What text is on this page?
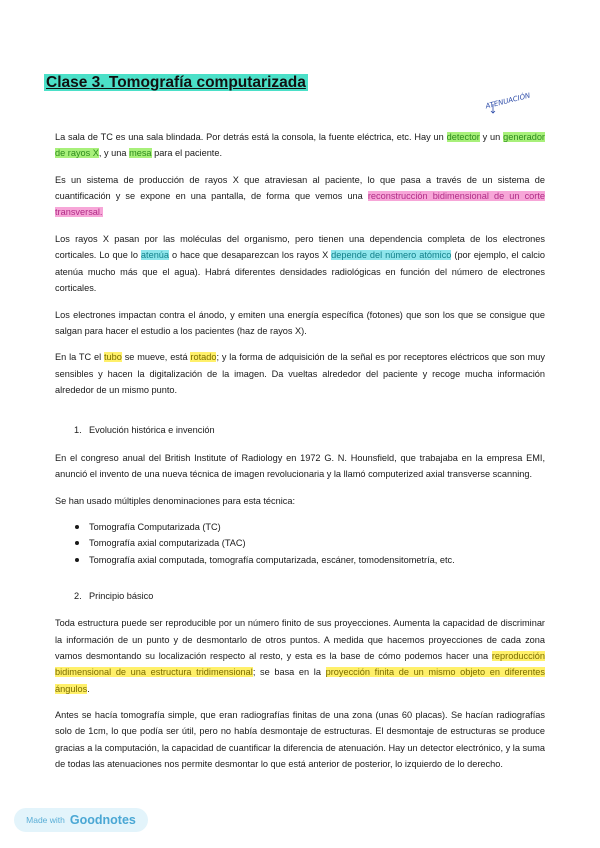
Clase 3. Tomografía computarizada
ATENUACIÓN

La sala de TC es una sala blindada. Por detrás está la consola, la fuente eléctrica, etc. Hay un detector y un generador de rayos X, y una mesa para el paciente.

Es un sistema de producción de rayos X que atraviesan al paciente, lo que pasa a través de un sistema de cuantificación y se expone en una pantalla, de forma que vemos una reconstrucción bidimensional de un corte transversal.

Los rayos X pasan por las moléculas del organismo, pero tienen una dependencia completa de los electrones corticales. Lo que lo atenúa o hace que desaparezcan los rayos X depende del número atómico (por ejemplo, el calcio atenúa mucho más que el agua). Habrá diferentes densidades radiológicas en función del número de electrones corticales.

Los electrones impactan contra el ánodo, y emiten una energía específica (fotones) que son los que se consigue que salgan para hacer el estudio a los pacientes (haz de rayos X).

En la TC el tubo se mueve, está rotado; y la forma de adquisición de la señal es por receptores eléctricos que son muy sensibles y hacen la digitalización de la imagen. Da vueltas alrededor del paciente y recoge mucha información alrededor de un mismo punto.

1. Evolución histórica e invención

En el congreso anual del British Institute of Radiology en 1972 G. N. Hounsfield, que trabajaba en la empresa EMI, anunció el invento de una nueva técnica de imagen revolucionaria y la llamó computerized axial transverse scanning.

Se han usado múltiples denominaciones para esta técnica:

Tomografía Computarizada (TC)
Tomografía axial computarizada (TAC)
Tomografía axial computada, tomografía computarizada, escáner, tomodensitometría, etc.
2. Principio básico

Toda estructura puede ser reproducible por un número finito de sus proyecciones. Aumenta la capacidad de discriminar la información de un punto y de desmontarlo de otros puntos. A medida que hacemos proyecciones de cada zona vamos desmontando su localización respecto al resto, y esta es la base de cómo podemos hacer una reproducción bidimensional de una estructura tridimensional; se basa en la proyección finita de un mismo objeto en diferentes ángulos.

Antes se hacía tomografía simple, que eran radiografías finitas de una zona (unas 60 placas). Se hacían radiografías solo de 1cm, lo que podía ser útil, pero no había desmontaje de estructuras. El desmontaje de estructuras se produce gracias a la computación, la capacidad de cuantificar la diferencia de atenuación. Hay un detector electrónico, y la suma de todas las atenuaciones nos permite desmontar lo que está anterior de posterior, lo izquierdo de lo derecho.

Made with Goodnotes
